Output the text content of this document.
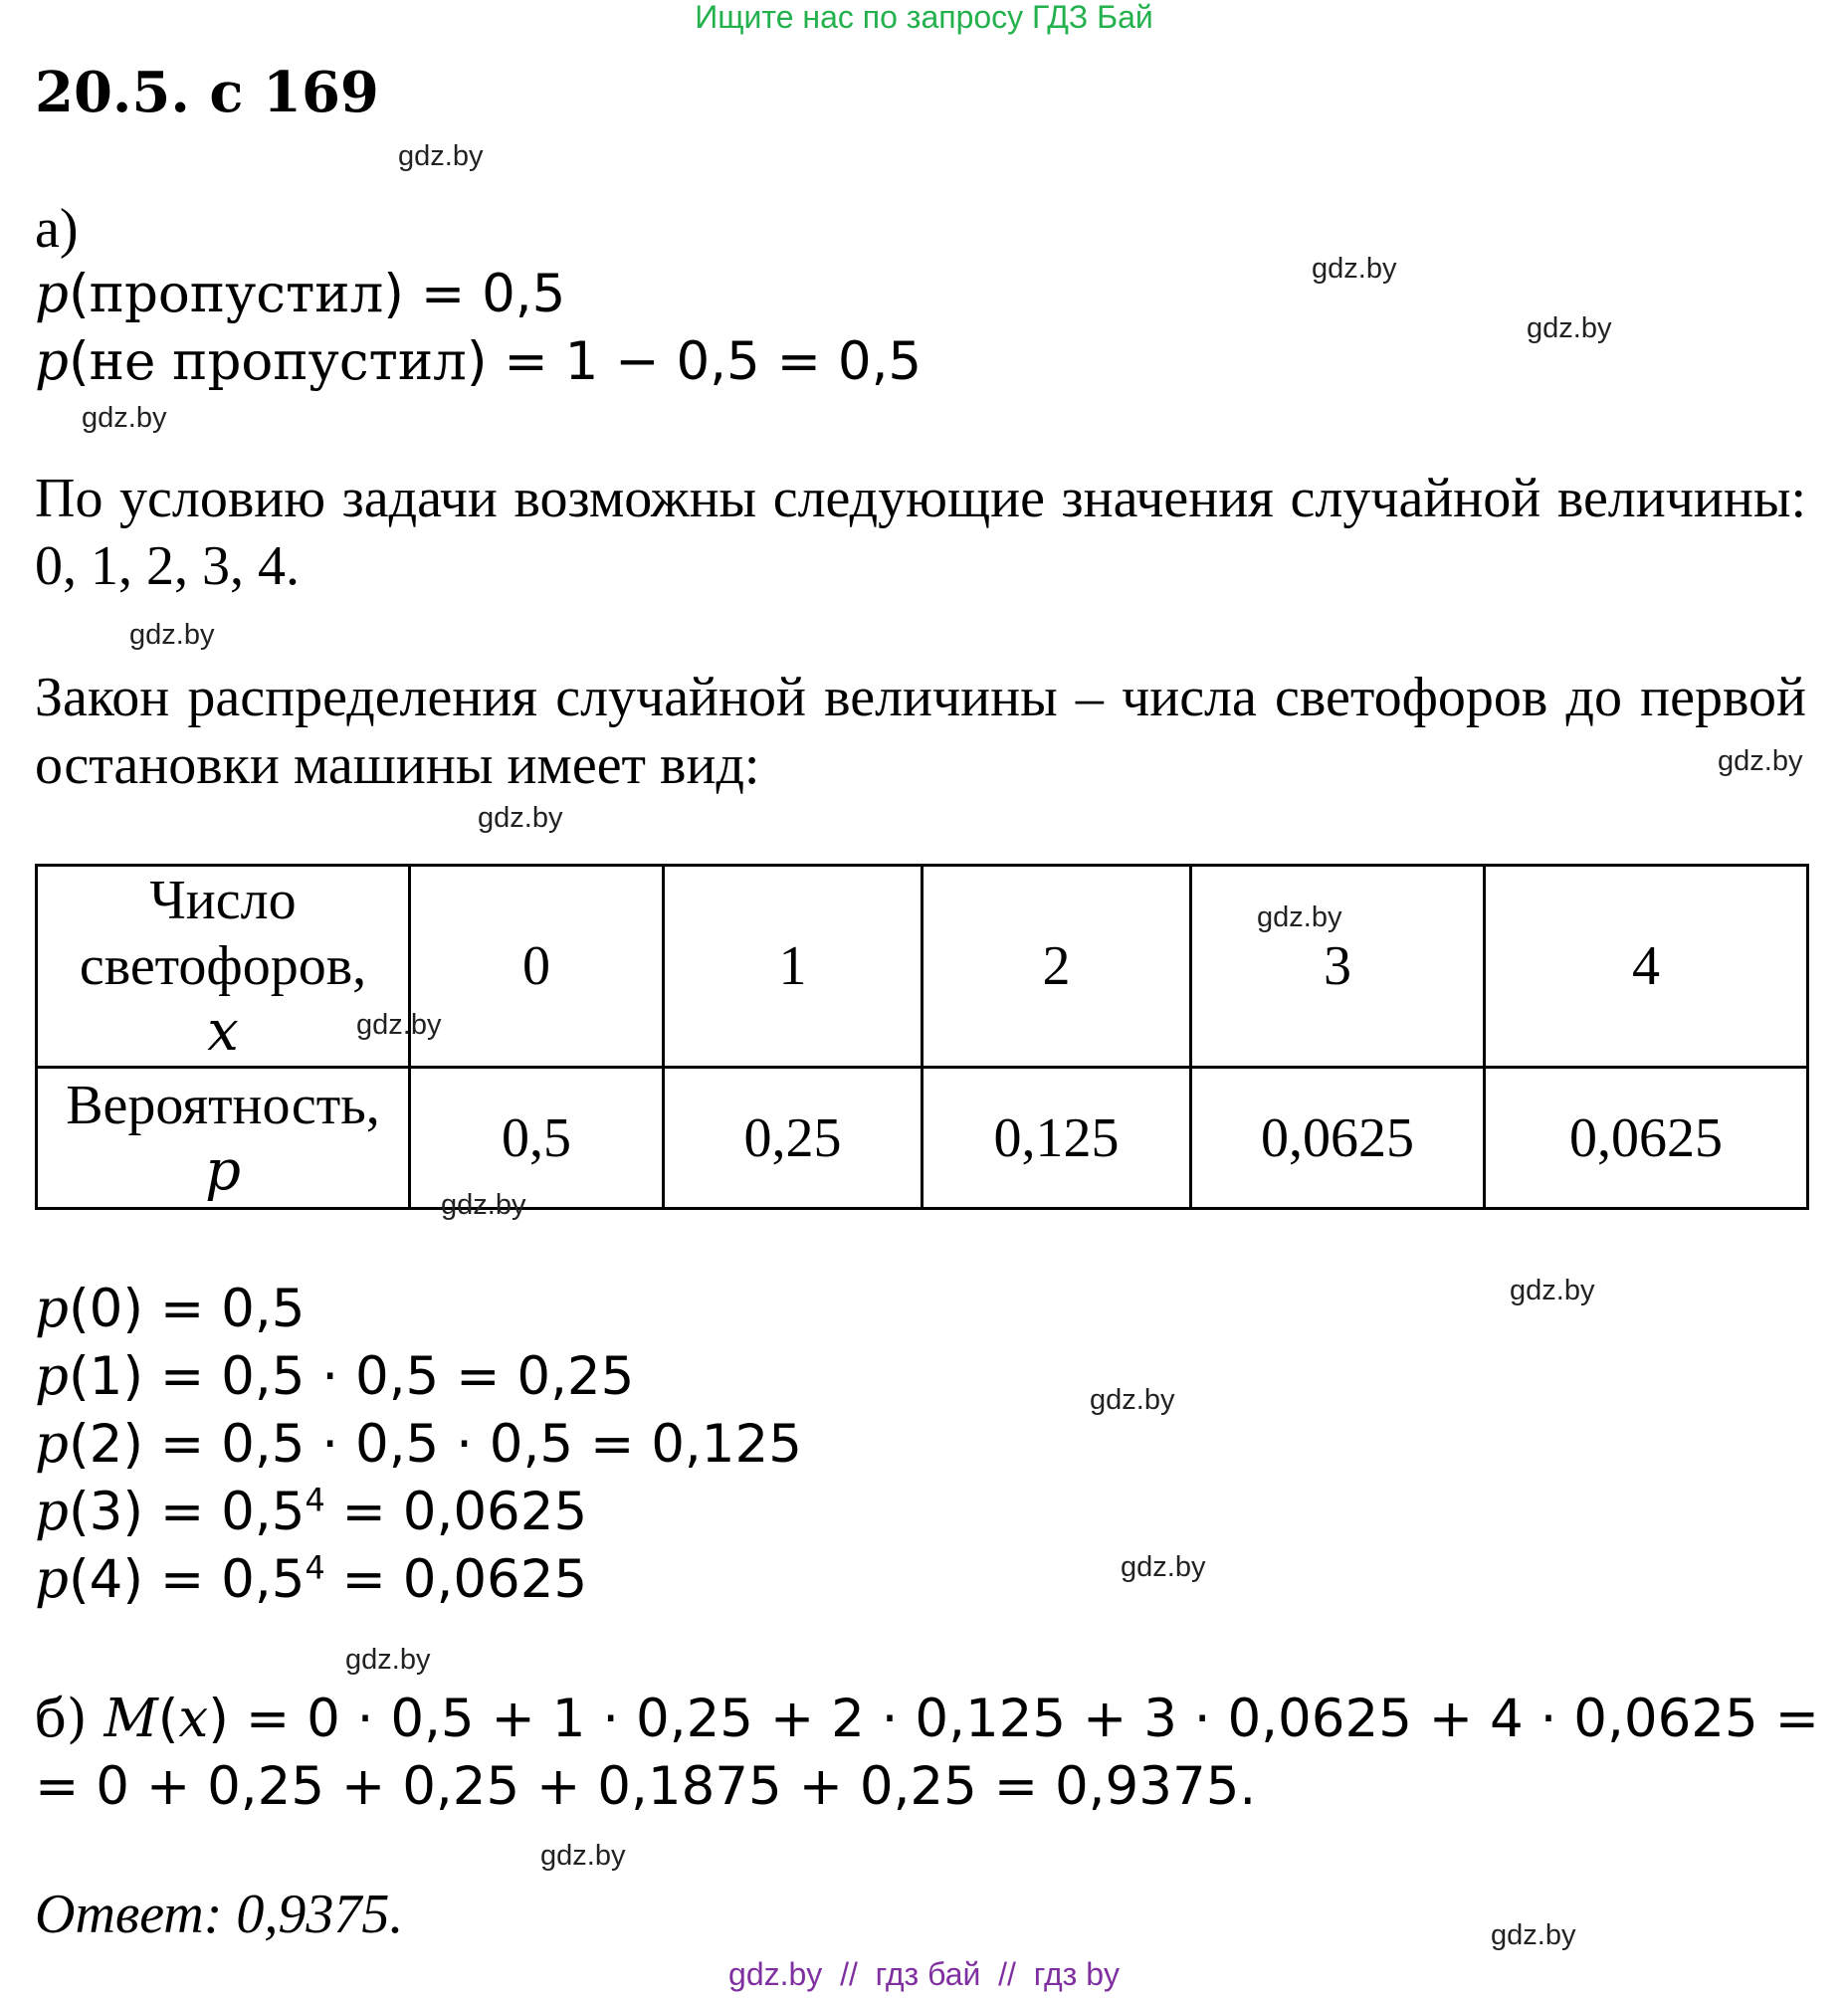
Ищите нас по запросу ГДЗ Бай
20.5. с 169
gdz.by
gdz.by
gdz.by
gdz.by
gdz.by
gdz.by
gdz.by
gdz.by
gdz.by
gdz.by
gdz.by
gdz.by
gdz.by
gdz.by
gdz.by
gdz.by
а)
p(пропустил) = 0,5
p(не пропустил) = 1 − 0,5 = 0,5
По условию задачи возможны следующие значения случайной величины: 0, 1, 2, 3, 4.
Закон распределения случайной величины – числа светофоров до первой остановки машины имеет вид:
Число
светофоров,
x	0	1	2	3	4

Вероятность,
p	0,5	0,25	0,125	0,0625	0,0625
p(0) = 0,5
p(1) = 0,5 · 0,5 = 0,25
p(2) = 0,5 · 0,5 · 0,5 = 0,125
$p(3) = 0,5^4 = 0,0625$
$p(4) = 0,5^4 = 0,0625$
б) M(x) = 0 · 0,5 + 1 · 0,25 + 2 · 0,125 + 3 · 0,0625 + 4 · 0,0625 =
= 0 + 0,25 + 0,25 + 0,1875 + 0,25 = 0,9375.
Ответ: 0,9375.
gdz.by  //  гдз бай  //  гдз by
